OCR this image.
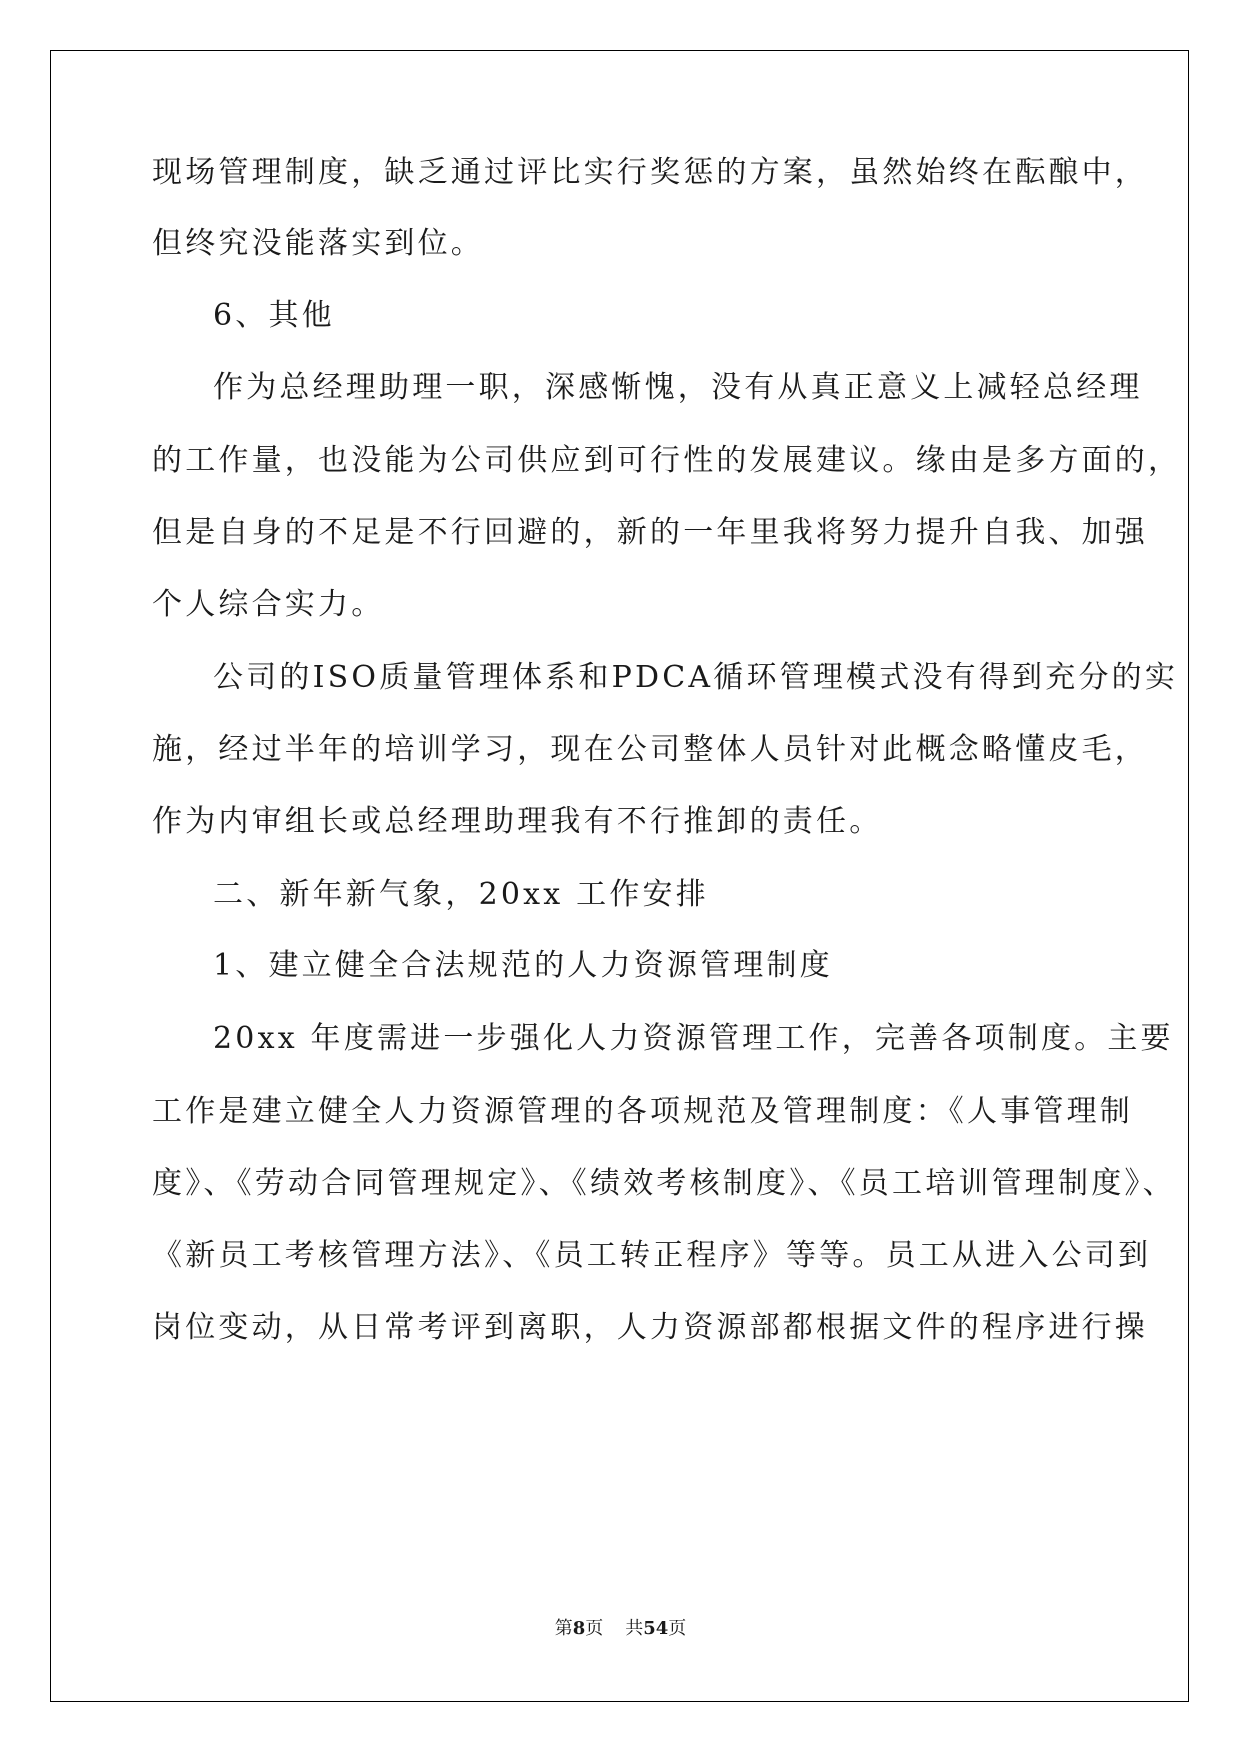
现场管理制度，缺乏通过评比实行奖惩的方案，虽然始终在酝酿中，
但终究没能落实到位。
6、其他
作为总经理助理一职，深感惭愧，没有从真正意义上减轻总经理
的工作量，也没能为公司供应到可行性的发展建议。缘由是多方面的，
但是自身的不足是不行回避的，新的一年里我将努力提升自我、加强
个人综合实力。
公司的ISO质量管理体系和PDCA循环管理模式没有得到充分的实
施，经过半年的培训学习，现在公司整体人员针对此概念略懂皮毛，
作为内审组长或总经理助理我有不行推卸的责任。
二、新年新气象，20xx 工作安排
1、建立健全合法规范的人力资源管理制度
20xx 年度需进一步强化人力资源管理工作，完善各项制度。主要
工作是建立健全人力资源管理的各项规范及管理制度：《人事管理制
度》、《劳动合同管理规定》、《绩效考核制度》、《员工培训管理制度》、
《新员工考核管理方法》、《员工转正程序》等等。员工从进入公司到
岗位变动，从日常考评到离职，人力资源部都根据文件的程序进行操
第8页 共54页
